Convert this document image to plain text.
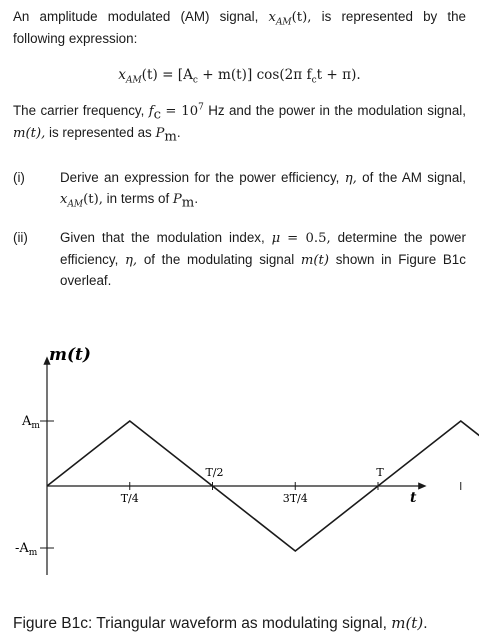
An amplitude modulated (AM) signal, $x_{AM}(t)$, is represented by the
following expression:
$x_{AM}(t) = [A_c + m(t)]$ cos(2π $f_ct + \pi$).
The carrier frequency, $f_c = 10^7$ Hz and the power in the modulation signal,
m(t), is represented as $P_m$.
(i)	Derive an expression for the power efficiency, η, of the AM signal,
$x_{AM}(t)$, in terms of $P_m$.
(ii) Given that the modulation index, μ = 0.5, determine the power
efficiency, η, of the modulating signal m(t) shown in Figure B1c
overleaf.
m(t)
t
$A_m$
$-A_m$
T/4
T/2
3T/4
T
Figure B1c: Triangular waveform as modulating signal, m(t).
